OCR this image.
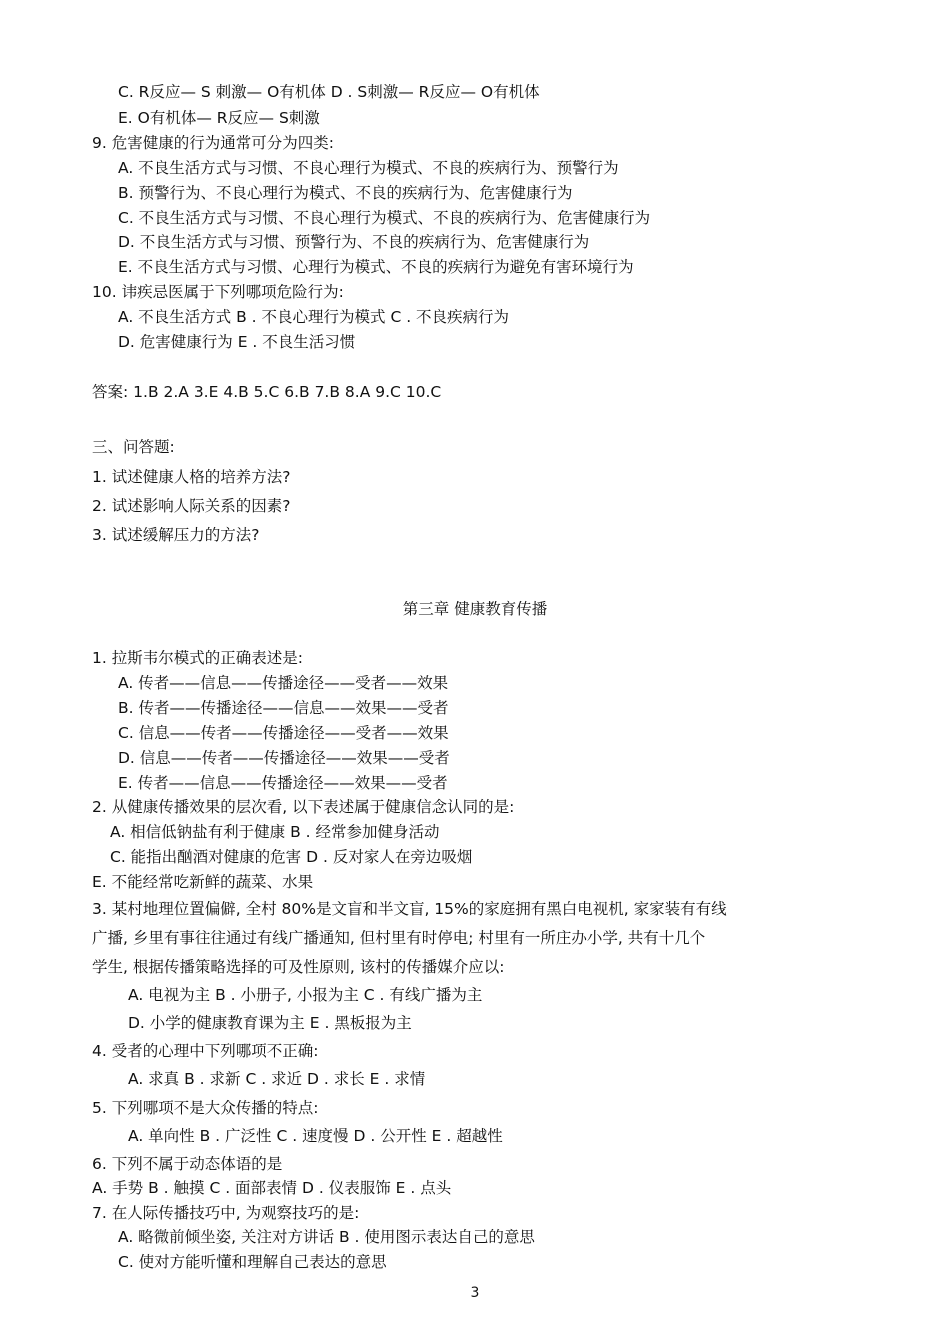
C. R反应— S 刺激— O有机体 D . S刺激— R反应— O有机体
E. O有机体— R反应— S刺激
9. 危害健康的行为通常可分为四类:
A. 不良生活方式与习惯、不良心理行为模式、不良的疾病行为、预警行为
B. 预警行为、不良心理行为模式、不良的疾病行为、危害健康行为
C. 不良生活方式与习惯、不良心理行为模式、不良的疾病行为、危害健康行为
D. 不良生活方式与习惯、预警行为、不良的疾病行为、危害健康行为
E. 不良生活方式与习惯、心理行为模式、不良的疾病行为避免有害环境行为
10. 讳疾忌医属于下列哪项危险行为:
A. 不良生活方式 B . 不良心理行为模式 C . 不良疾病行为
D. 危害健康行为 E . 不良生活习惯
答案: 1.B 2.A 3.E 4.B 5.C 6.B 7.B 8.A 9.C 10.C
三、问答题:
1. 试述健康人格的培养方法?
2. 试述影响人际关系的因素?
3. 试述缓解压力的方法?
第三章 健康教育传播
1. 拉斯韦尔模式的正确表述是:
A. 传者——信息——传播途径——受者——效果
B. 传者——传播途径——信息——效果——受者
C. 信息——传者——传播途径——受者——效果
D. 信息——传者——传播途径——效果——受者
E. 传者——信息——传播途径——效果——受者
2. 从健康传播效果的层次看, 以下表述属于健康信念认同的是:
A. 相信低钠盐有利于健康 B . 经常参加健身活动
C. 能指出酗酒对健康的危害 D . 反对家人在旁边吸烟
E. 不能经常吃新鲜的蔬菜、水果
3. 某村地理位置偏僻, 全村 80%是文盲和半文盲, 15%的家庭拥有黑白电视机, 家家装有有线
广播, 乡里有事往往通过有线广播通知, 但村里有时停电; 村里有一所庄办小学, 共有十几个
学生, 根据传播策略选择的可及性原则, 该村的传播媒介应以:
A. 电视为主 B . 小册子, 小报为主 C . 有线广播为主
D. 小学的健康教育课为主 E . 黑板报为主
4. 受者的心理中下列哪项不正确:
A. 求真 B . 求新 C . 求近 D . 求长 E . 求情
5. 下列哪项不是大众传播的特点:
A. 单向性 B . 广泛性 C . 速度慢 D . 公开性 E . 超越性
6. 下列不属于动态体语的是
A. 手势 B . 触摸 C . 面部表情 D . 仪表服饰 E . 点头
7. 在人际传播技巧中, 为观察技巧的是:
A. 略微前倾坐姿, 关注对方讲话 B . 使用图示表达自己的意思
C. 使对方能听懂和理解自己表达的意思
3
